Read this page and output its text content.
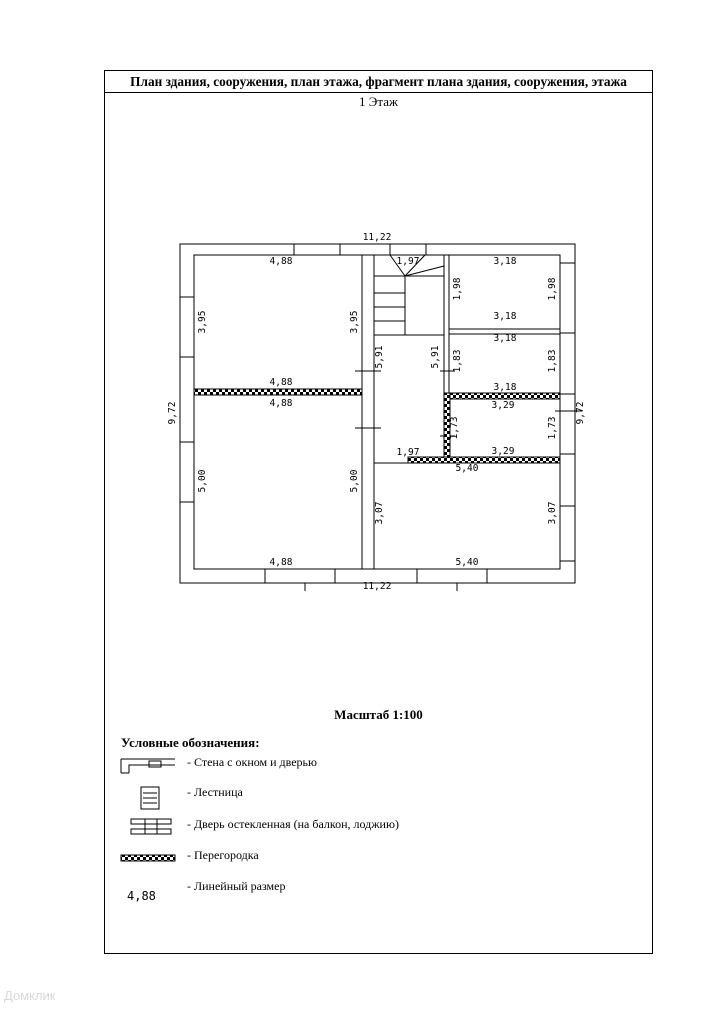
План здания, сооружения, план этажа, фрагмент плана здания, сооружения, этажа
1 Этаж
11,22
11,22
9,72	9,72
4,88
4,88
3,95	3,95
4,88
4,88
5,00	5,00
1,97
1,97
5,91	5,91
3,18
3,18
1,98	1,98
3,18
3,18
1,83	1,83
3,29
3,29
1,73	1,73
5,40
5,40
3,07	3,07
Масштаб 1:100
Условные обозначения:
- Стена с окном и дверью
- Лестница
- Дверь остекленная (на балкон, лоджию)
- Перегородка
- Линейный размер
4,88
Домклик
